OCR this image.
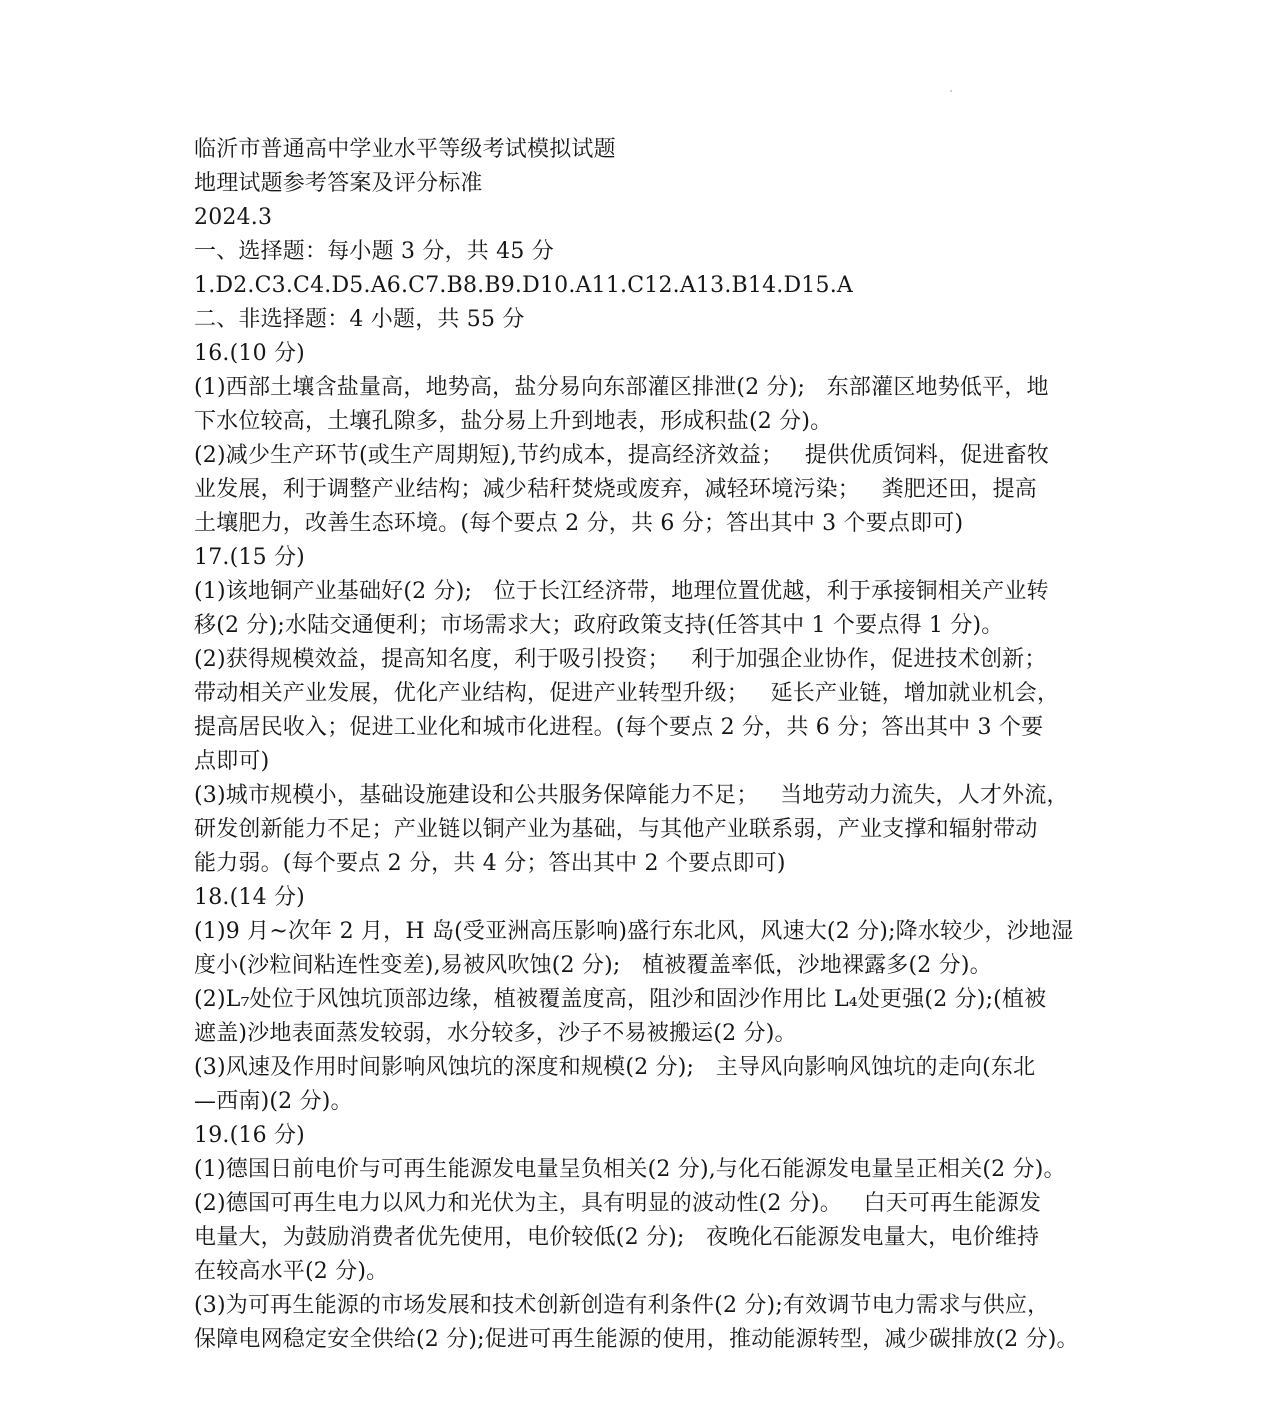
临沂市普通高中学业水平等级考试模拟试题
地理试题参考答案及评分标准
2024.3
一、选择题：每小题 3 分，共 45 分
1.D2.C3.C4.D5.A6.C7.B8.B9.D10.A11.C12.A13.B14.D15.A
二、非选择题：4 小题，共 55 分
16.(10 分)
(1)西部土壤含盐量高，地势高，盐分易向东部灌区排泄(2 分);   东部灌区地势低平，地
下水位较高，土壤孔隙多，盐分易上升到地表，形成积盐(2 分)。
(2)减少生产环节(或生产周期短),节约成本，提高经济效益；   提供优质饲料，促进畜牧
业发展，利于调整产业结构；减少秸秆焚烧或废弃，减轻环境污染；   粪肥还田，提高
土壤肥力，改善生态环境。(每个要点 2 分，共 6 分；答出其中 3 个要点即可)
17.(15 分)
(1)该地铜产业基础好(2 分);   位于长江经济带，地理位置优越，利于承接铜相关产业转
移(2 分);水陆交通便利；市场需求大；政府政策支持(任答其中 1 个要点得 1 分)。
(2)获得规模效益，提高知名度，利于吸引投资；   利于加强企业协作，促进技术创新；
带动相关产业发展，优化产业结构，促进产业转型升级；   延长产业链，增加就业机会，
提高居民收入；促进工业化和城市化进程。(每个要点 2 分，共 6 分；答出其中 3 个要
点即可)
(3)城市规模小，基础设施建设和公共服务保障能力不足；   当地劳动力流失，人才外流，
研发创新能力不足；产业链以铜产业为基础，与其他产业联系弱，产业支撑和辐射带动
能力弱。(每个要点 2 分，共 4 分；答出其中 2 个要点即可)
18.(14 分)
(1)9 月~次年 2 月，H 岛(受亚洲高压影响)盛行东北风，风速大(2 分);降水较少，沙地湿
度小(沙粒间粘连性变差),易被风吹蚀(2 分);   植被覆盖率低，沙地裸露多(2 分)。
(2)L₇处位于风蚀坑顶部边缘，植被覆盖度高，阻沙和固沙作用比 L₄处更强(2 分);(植被
遮盖)沙地表面蒸发较弱，水分较多，沙子不易被搬运(2 分)。
(3)风速及作用时间影响风蚀坑的深度和规模(2 分);   主导风向影响风蚀坑的走向(东北
—西南)(2 分)。
19.(16 分)
(1)德国日前电价与可再生能源发电量呈负相关(2 分),与化石能源发电量呈正相关(2 分)。
(2)德国可再生电力以风力和光伏为主，具有明显的波动性(2 分)。   白天可再生能源发
电量大，为鼓励消费者优先使用，电价较低(2 分);   夜晚化石能源发电量大，电价维持
在较高水平(2 分)。
(3)为可再生能源的市场发展和技术创新创造有利条件(2 分);有效调节电力需求与供应，
保障电网稳定安全供给(2 分);促进可再生能源的使用，推动能源转型，减少碳排放(2 分)。
